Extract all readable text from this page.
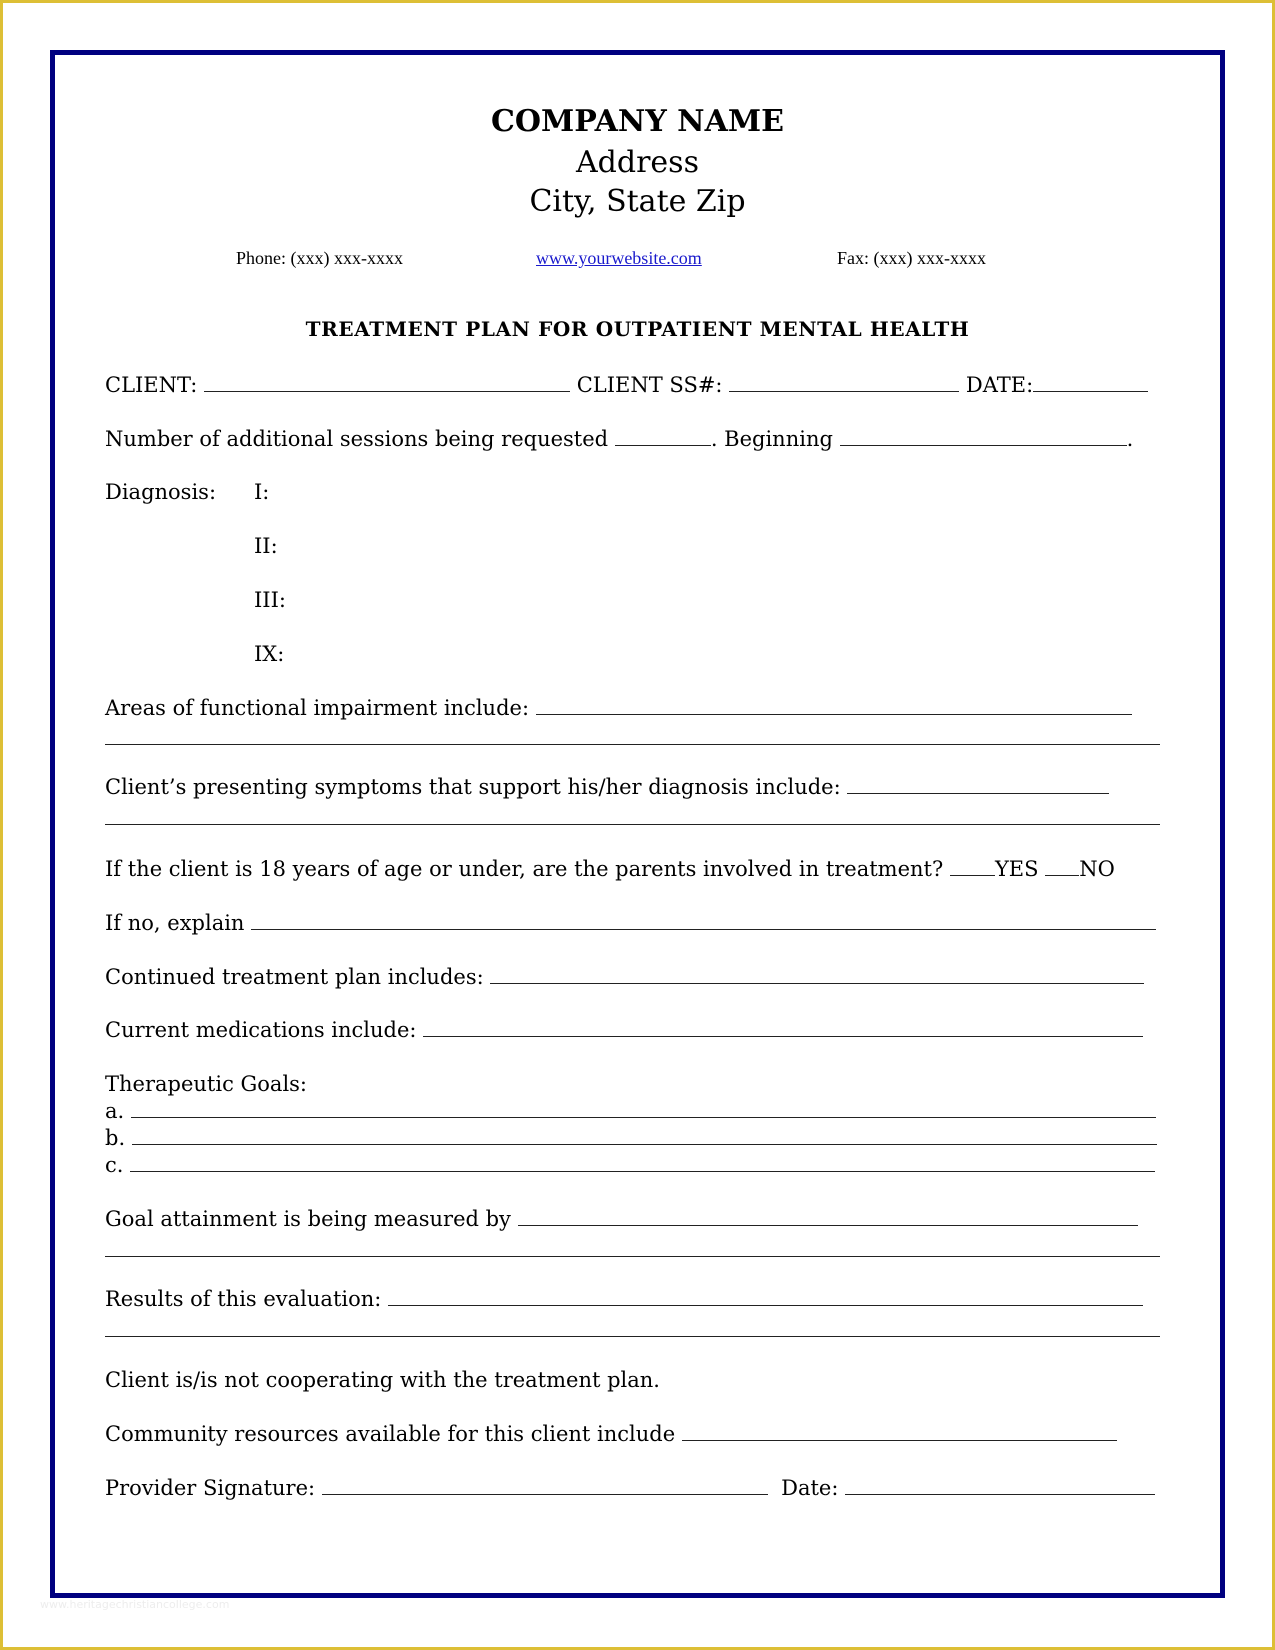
COMPANY NAME
Address
City, State Zip
Phone: (xxx) xxx-xxxx	www.yourwebsite.com	Fax: (xxx) xxx-xxxx
TREATMENT PLAN FOR OUTPATIENT MENTAL HEALTH
CLIENT:	CLIENT SS#:	DATE:
Number of additional sessions being requested	. Beginning	.
Diagnosis: I:
II:
III:
IX:
Areas of functional impairment include:
Client’s presenting symptoms that support his/her diagnosis include:
If the client is 18 years of age or under, are the parents involved in treatment? YES NO
If no, explain
Continued treatment plan includes:
Current medications include:
Therapeutic Goals:
a.
b.
c.
Goal attainment is being measured by
Results of this evaluation:
Client is/is not cooperating with the treatment plan.
Community resources available for this client include
Provider Signature:	Date:
www.heritagechristiancollege.com
